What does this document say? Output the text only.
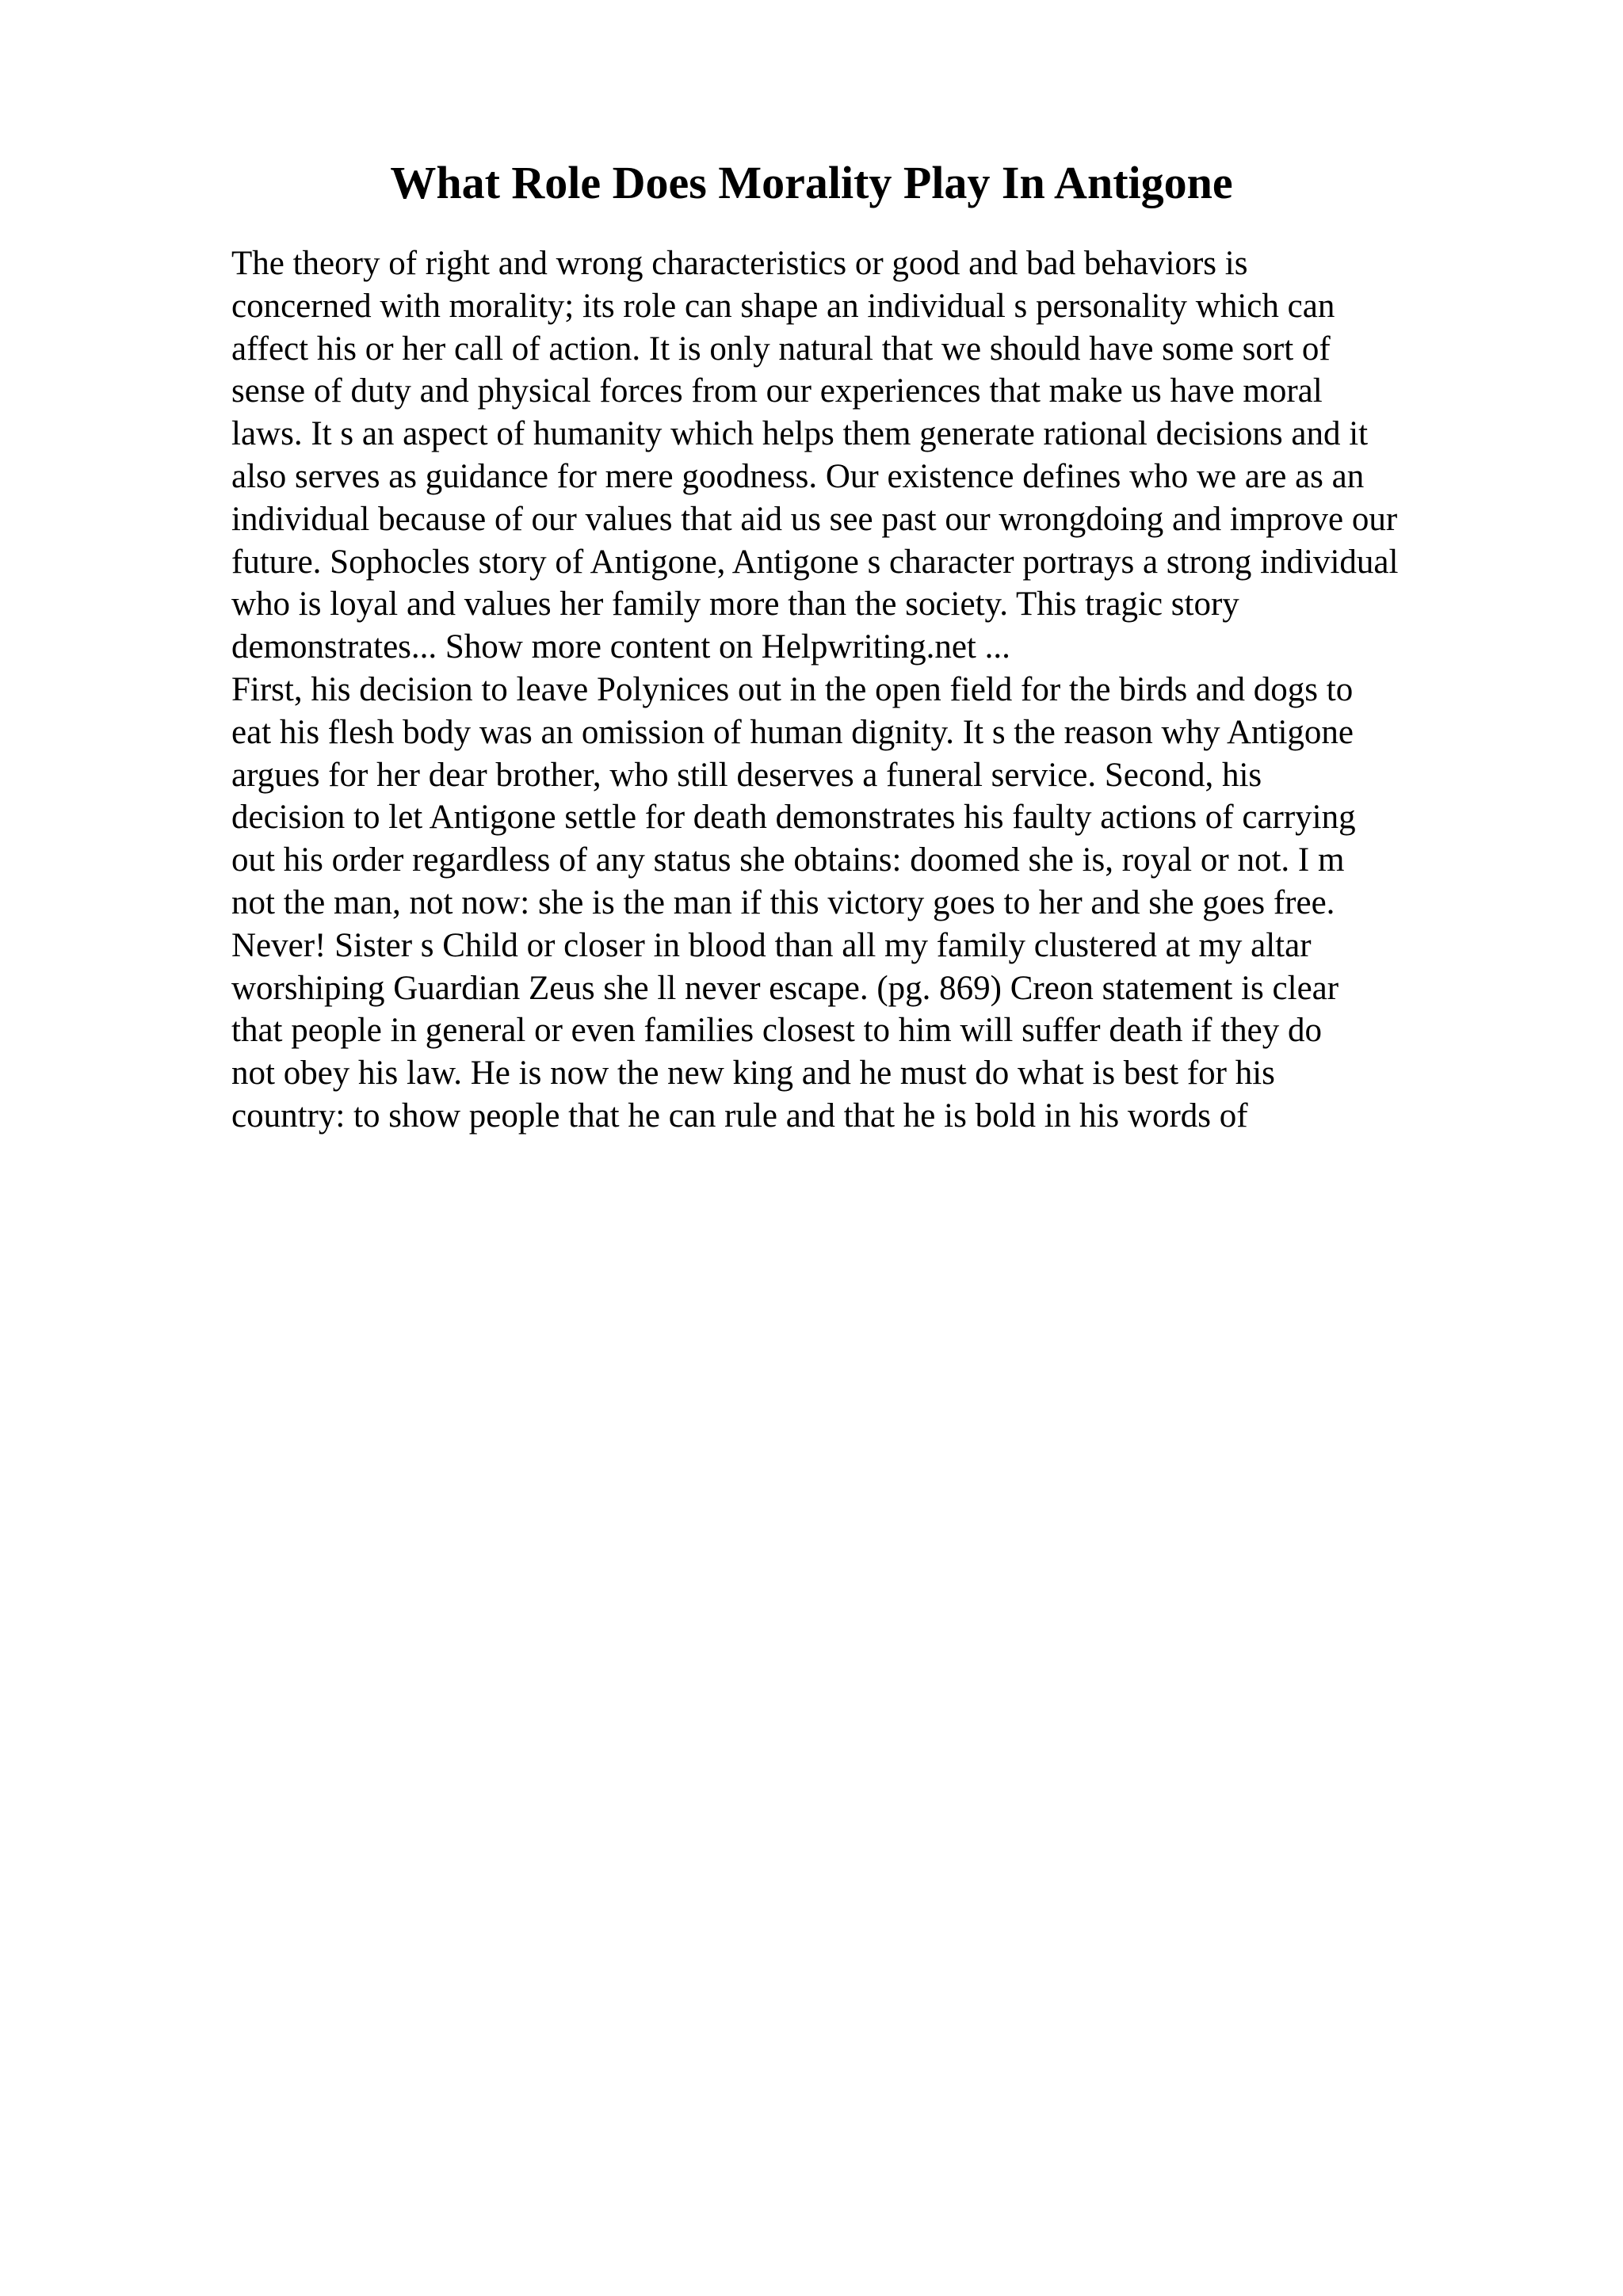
What Role Does Morality Play In Antigone
The theory of right and wrong characteristics or good and bad behaviors is
concerned with morality; its role can shape an individual s personality which can
affect his or her call of action. It is only natural that we should have some sort of
sense of duty and physical forces from our experiences that make us have moral
laws. It s an aspect of humanity which helps them generate rational decisions and it
also serves as guidance for mere goodness. Our existence defines who we are as an
individual because of our values that aid us see past our wrongdoing and improve our
future. Sophocles story of Antigone, Antigone s character portrays a strong individual
who is loyal and values her family more than the society. This tragic story
demonstrates... Show more content on Helpwriting.net ...
First, his decision to leave Polynices out in the open field for the birds and dogs to
eat his flesh body was an omission of human dignity. It s the reason why Antigone
argues for her dear brother, who still deserves a funeral service. Second, his
decision to let Antigone settle for death demonstrates his faulty actions of carrying
out his order regardless of any status she obtains: doomed she is, royal or not. I m
not the man, not now: she is the man if this victory goes to her and she goes free.
Never! Sister s Child or closer in blood than all my family clustered at my altar
worshiping Guardian Zeus she ll never escape. (pg. 869) Creon statement is clear
that people in general or even families closest to him will suffer death if they do
not obey his law. He is now the new king and he must do what is best for his
country: to show people that he can rule and that he is bold in his words of
